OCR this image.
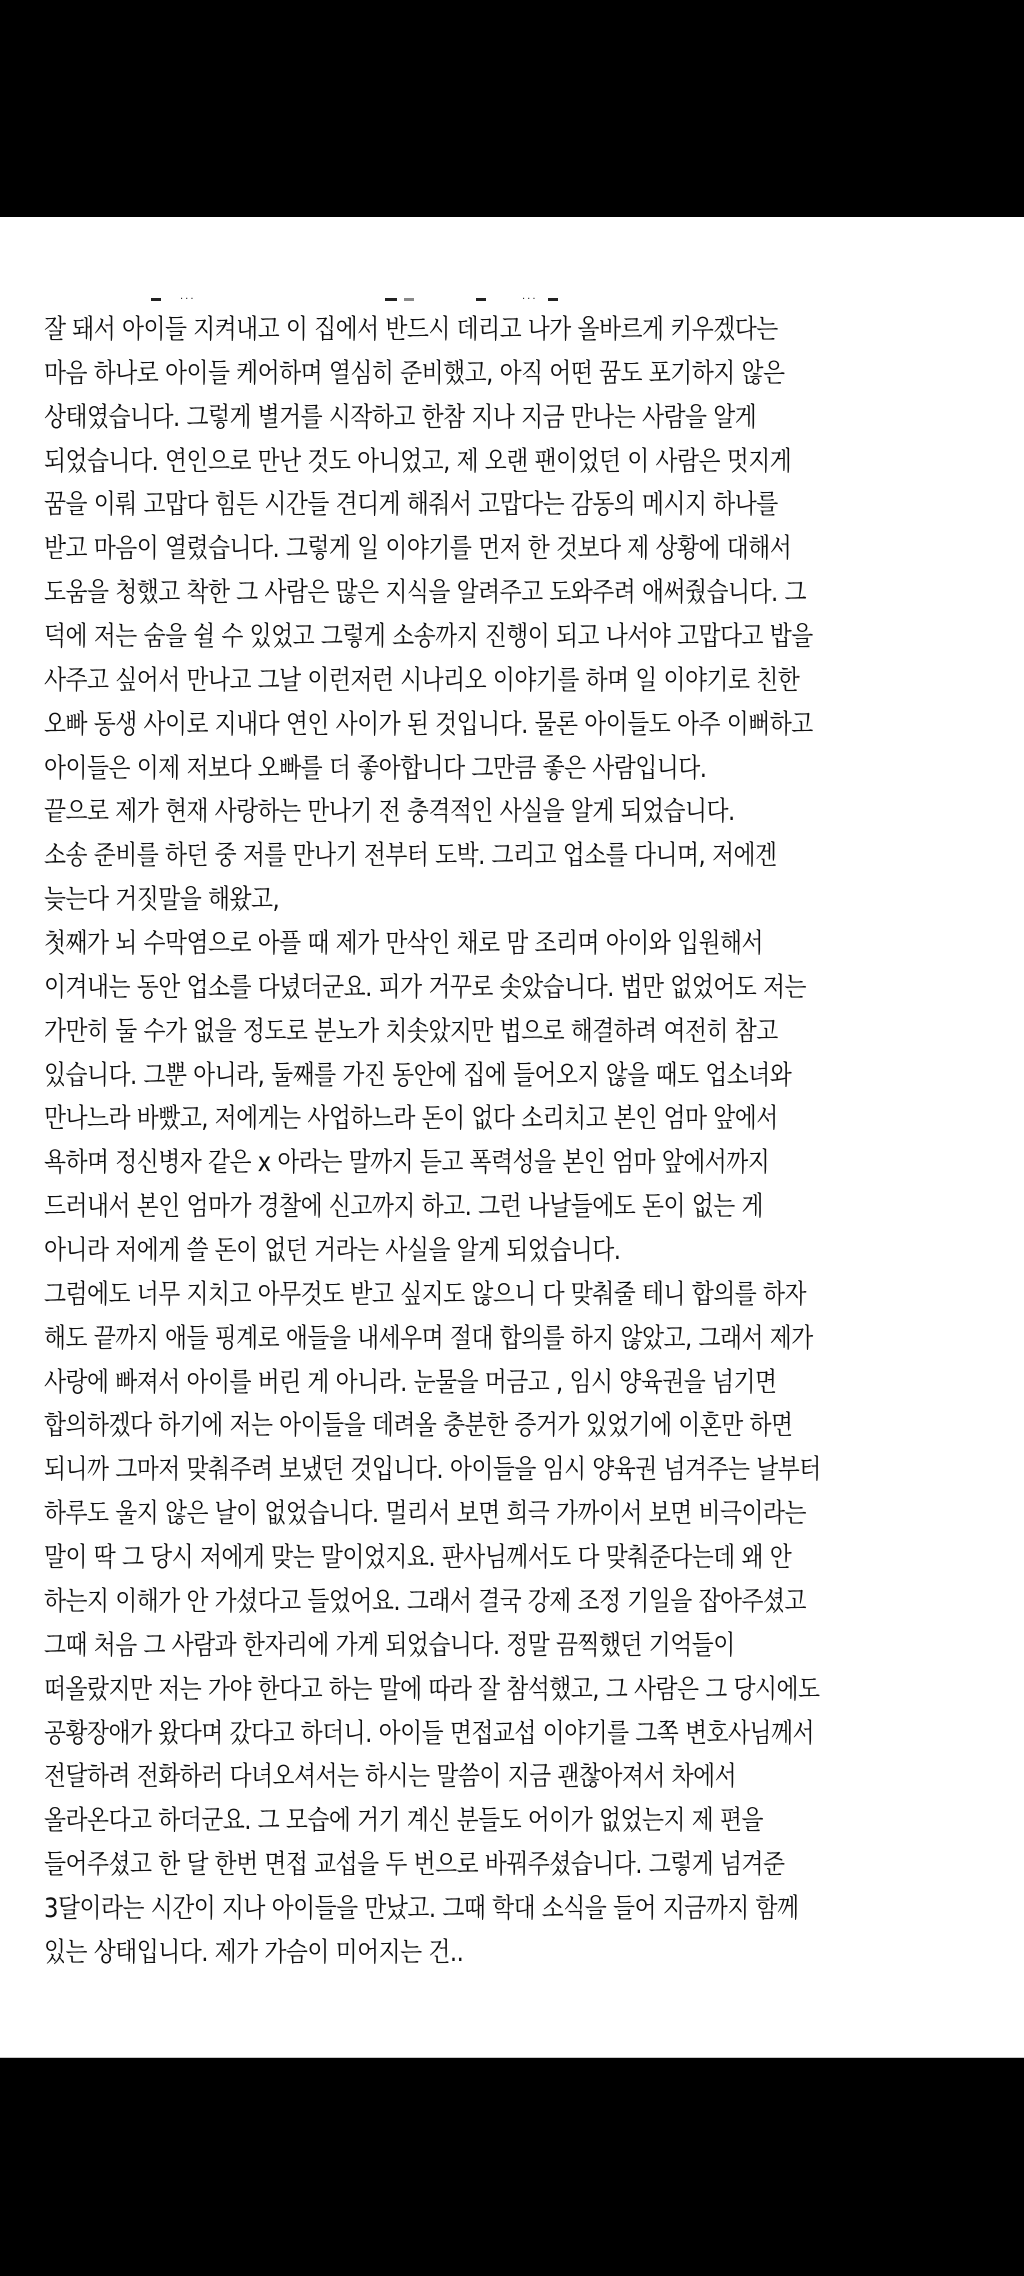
···	···
잘 돼서 아이들 지켜내고 이 집에서 반드시 데리고 나가 올바르게 키우겠다는
마음 하나로 아이들 케어하며 열심히 준비했고, 아직 어떤 꿈도 포기하지 않은
상태였습니다. 그렇게 별거를 시작하고 한참 지나 지금 만나는 사람을 알게
되었습니다. 연인으로 만난 것도 아니었고, 제 오랜 팬이었던 이 사람은 멋지게
꿈을 이뤄 고맙다 힘든 시간들 견디게 해줘서 고맙다는 감동의 메시지 하나를
받고 마음이 열렸습니다. 그렇게 일 이야기를 먼저 한 것보다 제 상황에 대해서
도움을 청했고 착한 그 사람은 많은 지식을 알려주고 도와주려 애써줬습니다. 그
덕에 저는 숨을 쉴 수 있었고 그렇게 소송까지 진행이 되고 나서야 고맙다고 밥을
사주고 싶어서 만나고 그날 이런저런 시나리오 이야기를 하며 일 이야기로 친한
오빠 동생 사이로 지내다 연인 사이가 된 것입니다. 물론 아이들도 아주 이뻐하고
아이들은 이제 저보다 오빠를 더 좋아합니다 그만큼 좋은 사람입니다.
끝으로 제가 현재 사랑하는 만나기 전 충격적인 사실을 알게 되었습니다.
소송 준비를 하던 중 저를 만나기 전부터 도박. 그리고 업소를 다니며, 저에겐
늦는다 거짓말을 해왔고,
첫째가 뇌 수막염으로 아플 때 제가 만삭인 채로 맘 조리며 아이와 입원해서
이겨내는 동안 업소를 다녔더군요. 피가 거꾸로 솟았습니다. 법만 없었어도 저는
가만히 둘 수가 없을 정도로 분노가 치솟았지만 법으로 해결하려 여전히 참고
있습니다. 그뿐 아니라, 둘째를 가진 동안에 집에 들어오지 않을 때도 업소녀와
만나느라 바빴고, 저에게는 사업하느라 돈이 없다 소리치고 본인 엄마 앞에서
욕하며 정신병자 같은 x 아라는 말까지 듣고 폭력성을 본인 엄마 앞에서까지
드러내서 본인 엄마가 경찰에 신고까지 하고. 그런 나날들에도 돈이 없는 게
아니라 저에게 쓸 돈이 없던 거라는 사실을 알게 되었습니다.
그럼에도 너무 지치고 아무것도 받고 싶지도 않으니 다 맞춰줄 테니 합의를 하자
해도 끝까지 애들 핑계로 애들을 내세우며 절대 합의를 하지 않았고, 그래서 제가
사랑에 빠져서 아이를 버린 게 아니라. 눈물을 머금고 , 임시 양육권을 넘기면
합의하겠다 하기에 저는 아이들을 데려올 충분한 증거가 있었기에 이혼만 하면
되니까 그마저 맞춰주려 보냈던 것입니다. 아이들을 임시 양육권 넘겨주는 날부터
하루도 울지 않은 날이 없었습니다. 멀리서 보면 희극 가까이서 보면 비극이라는
말이 딱 그 당시 저에게 맞는 말이었지요. 판사님께서도 다 맞춰준다는데 왜 안
하는지 이해가 안 가셨다고 들었어요. 그래서 결국 강제 조정 기일을 잡아주셨고
그때 처음 그 사람과 한자리에 가게 되었습니다. 정말 끔찍했던 기억들이
떠올랐지만 저는 가야 한다고 하는 말에 따라 잘 참석했고, 그 사람은 그 당시에도
공황장애가 왔다며 갔다고 하더니. 아이들 면접교섭 이야기를 그쪽 변호사님께서
전달하려 전화하러 다녀오셔서는 하시는 말씀이 지금 괜찮아져서 차에서
올라온다고 하더군요. 그 모습에 거기 계신 분들도 어이가 없었는지 제 편을
들어주셨고 한 달 한번 면접 교섭을 두 번으로 바꿔주셨습니다. 그렇게 넘겨준
3달이라는 시간이 지나 아이들을 만났고. 그때 학대 소식을 들어 지금까지 함께
있는 상태입니다. 제가 가슴이 미어지는 건..
